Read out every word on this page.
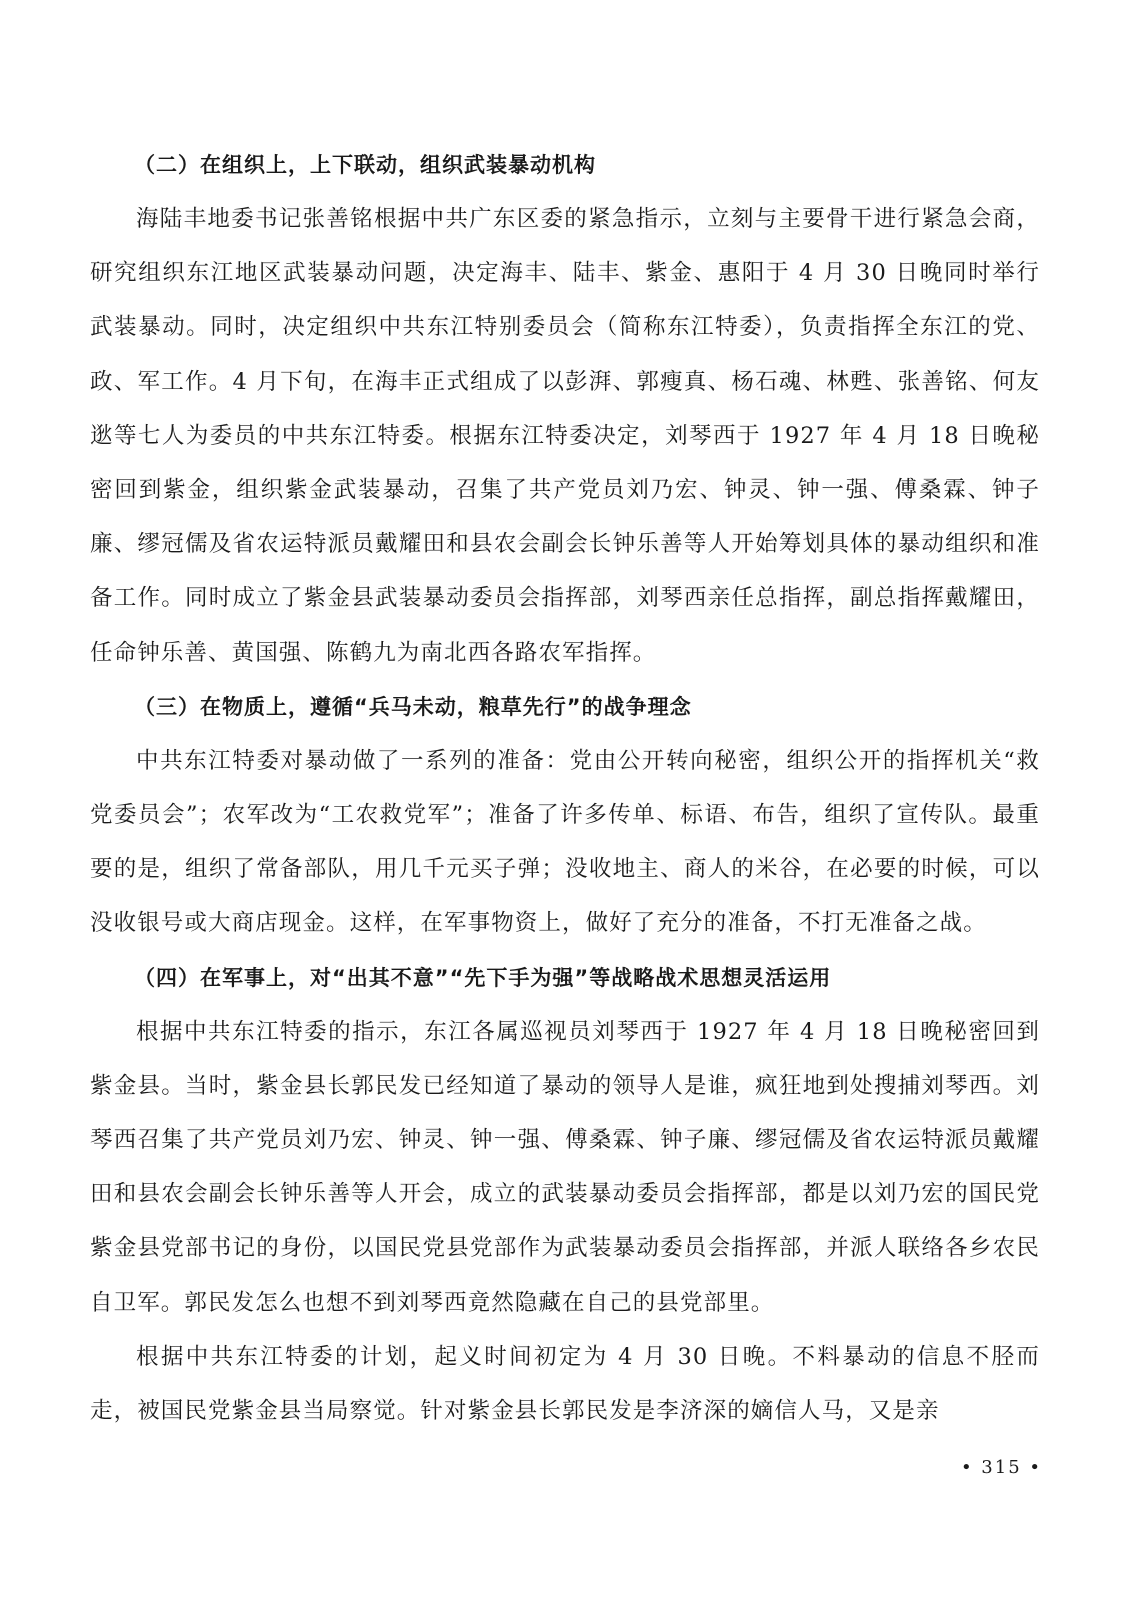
（二）在组织上，上下联动，组织武装暴动机构

海陆丰地委书记张善铭根据中共广东区委的紧急指示，立刻与主要骨干进行紧急会商，研究组织东江地区武装暴动问题，决定海丰、陆丰、紫金、惠阳于 4 月 30 日晚同时举行武装暴动。同时，决定组织中共东江特别委员会（简称东江特委），负责指挥全东江的党、政、军工作。4 月下旬，在海丰正式组成了以彭湃、郭瘦真、杨石魂、林甦、张善铭、何友逖等七人为委员的中共东江特委。根据东江特委决定，刘琴西于 1927 年 4 月 18 日晚秘密回到紫金，组织紫金武装暴动，召集了共产党员刘乃宏、钟灵、钟一强、傅桑霖、钟子廉、缪冠儒及省农运特派员戴耀田和县农会副会长钟乐善等人开始筹划具体的暴动组织和准备工作。同时成立了紫金县武装暴动委员会指挥部，刘琴西亲任总指挥，副总指挥戴耀田，任命钟乐善、黄国强、陈鹤九为南北西各路农军指挥。

（三）在物质上，遵循“兵马未动，粮草先行”的战争理念

中共东江特委对暴动做了一系列的准备：党由公开转向秘密，组织公开的指挥机关“救党委员会”；农军改为“工农救党军”；准备了许多传单、标语、布告，组织了宣传队。最重要的是，组织了常备部队，用几千元买子弹；没收地主、商人的米谷，在必要的时候，可以没收银号或大商店现金。这样，在军事物资上，做好了充分的准备，不打无准备之战。

（四）在军事上，对“出其不意”“先下手为强”等战略战术思想灵活运用

根据中共东江特委的指示，东江各属巡视员刘琴西于 1927 年 4 月 18 日晚秘密回到紫金县。当时，紫金县长郭民发已经知道了暴动的领导人是谁，疯狂地到处搜捕刘琴西。刘琴西召集了共产党员刘乃宏、钟灵、钟一强、傅桑霖、钟子廉、缪冠儒及省农运特派员戴耀田和县农会副会长钟乐善等人开会，成立的武装暴动委员会指挥部，都是以刘乃宏的国民党紫金县党部书记的身份，以国民党县党部作为武装暴动委员会指挥部，并派人联络各乡农民自卫军。郭民发怎么也想不到刘琴西竟然隐藏在自己的县党部里。

根据中共东江特委的计划，起义时间初定为 4 月 30 日晚。不料暴动的信息不胫而走，被国民党紫金县当局察觉。针对紫金县长郭民发是李济深的嫡信人马，又是亲

• 315 •
